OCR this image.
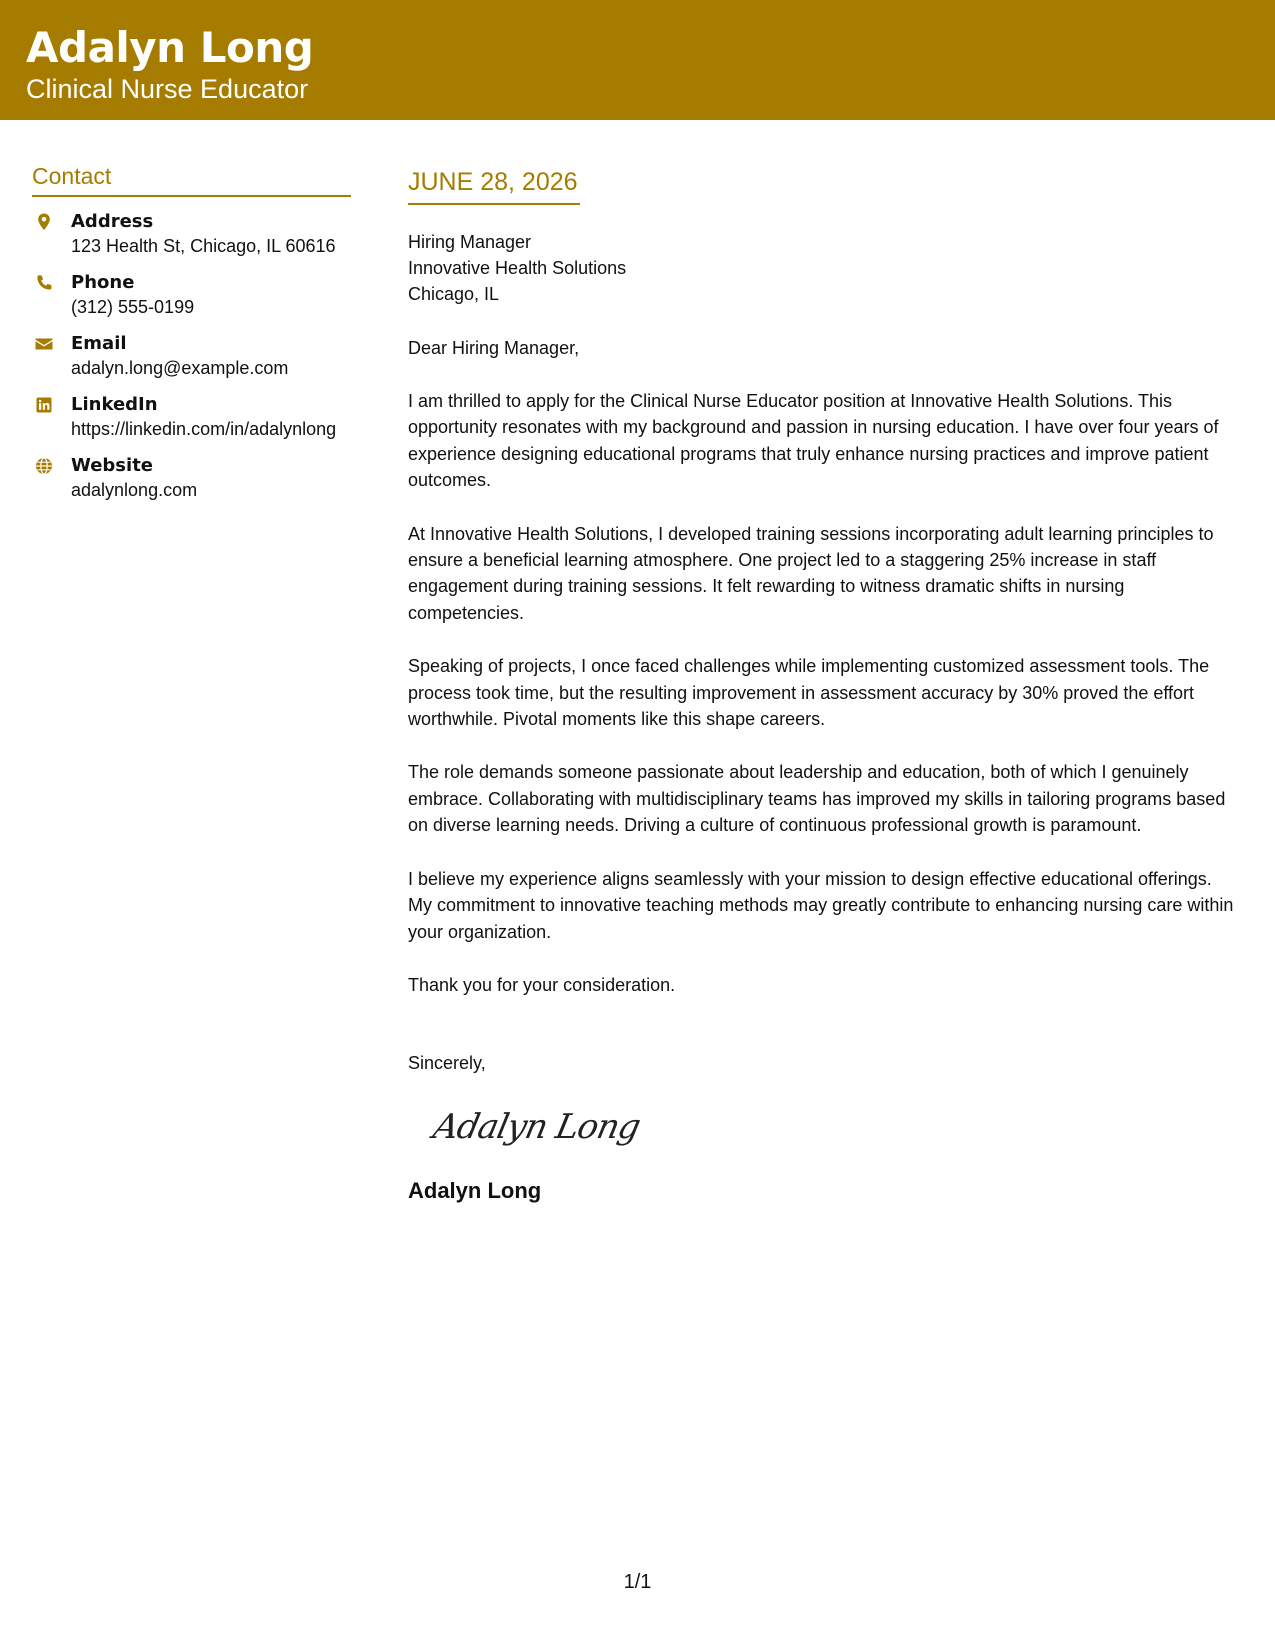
Adalyn Long
Clinical Nurse Educator
Contact
Address
123 Health St, Chicago, IL 60616
Phone
(312) 555-0199
Email
adalyn.long@example.com
LinkedIn
https://linkedin.com/in/adalynlong
Website
adalynlong.com
JUNE 28, 2026
Hiring Manager
Innovative Health Solutions
Chicago, IL
Dear Hiring Manager,

I am thrilled to apply for the Clinical Nurse Educator position at Innovative Health Solutions. This opportunity resonates with my background and passion in nursing education. I have over four years of experience designing educational programs that truly enhance nursing practices and improve patient outcomes.

At Innovative Health Solutions, I developed training sessions incorporating adult learning principles to ensure a beneficial learning atmosphere. One project led to a staggering 25% increase in staff engagement during training sessions. It felt rewarding to witness dramatic shifts in nursing competencies.

Speaking of projects, I once faced challenges while implementing customized assessment tools. The process took time, but the resulting improvement in assessment accuracy by 30% proved the effort worthwhile. Pivotal moments like this shape careers.

The role demands someone passionate about leadership and education, both of which I genuinely embrace. Collaborating with multidisciplinary teams has improved my skills in tailoring programs based on diverse learning needs. Driving a culture of continuous professional growth is paramount.

I believe my experience aligns seamlessly with your mission to design effective educational offerings. My commitment to innovative teaching methods may greatly contribute to enhancing nursing care within your organization.

Thank you for your consideration.

Sincerely,
Adalyn Long
Adalyn Long
1/1
